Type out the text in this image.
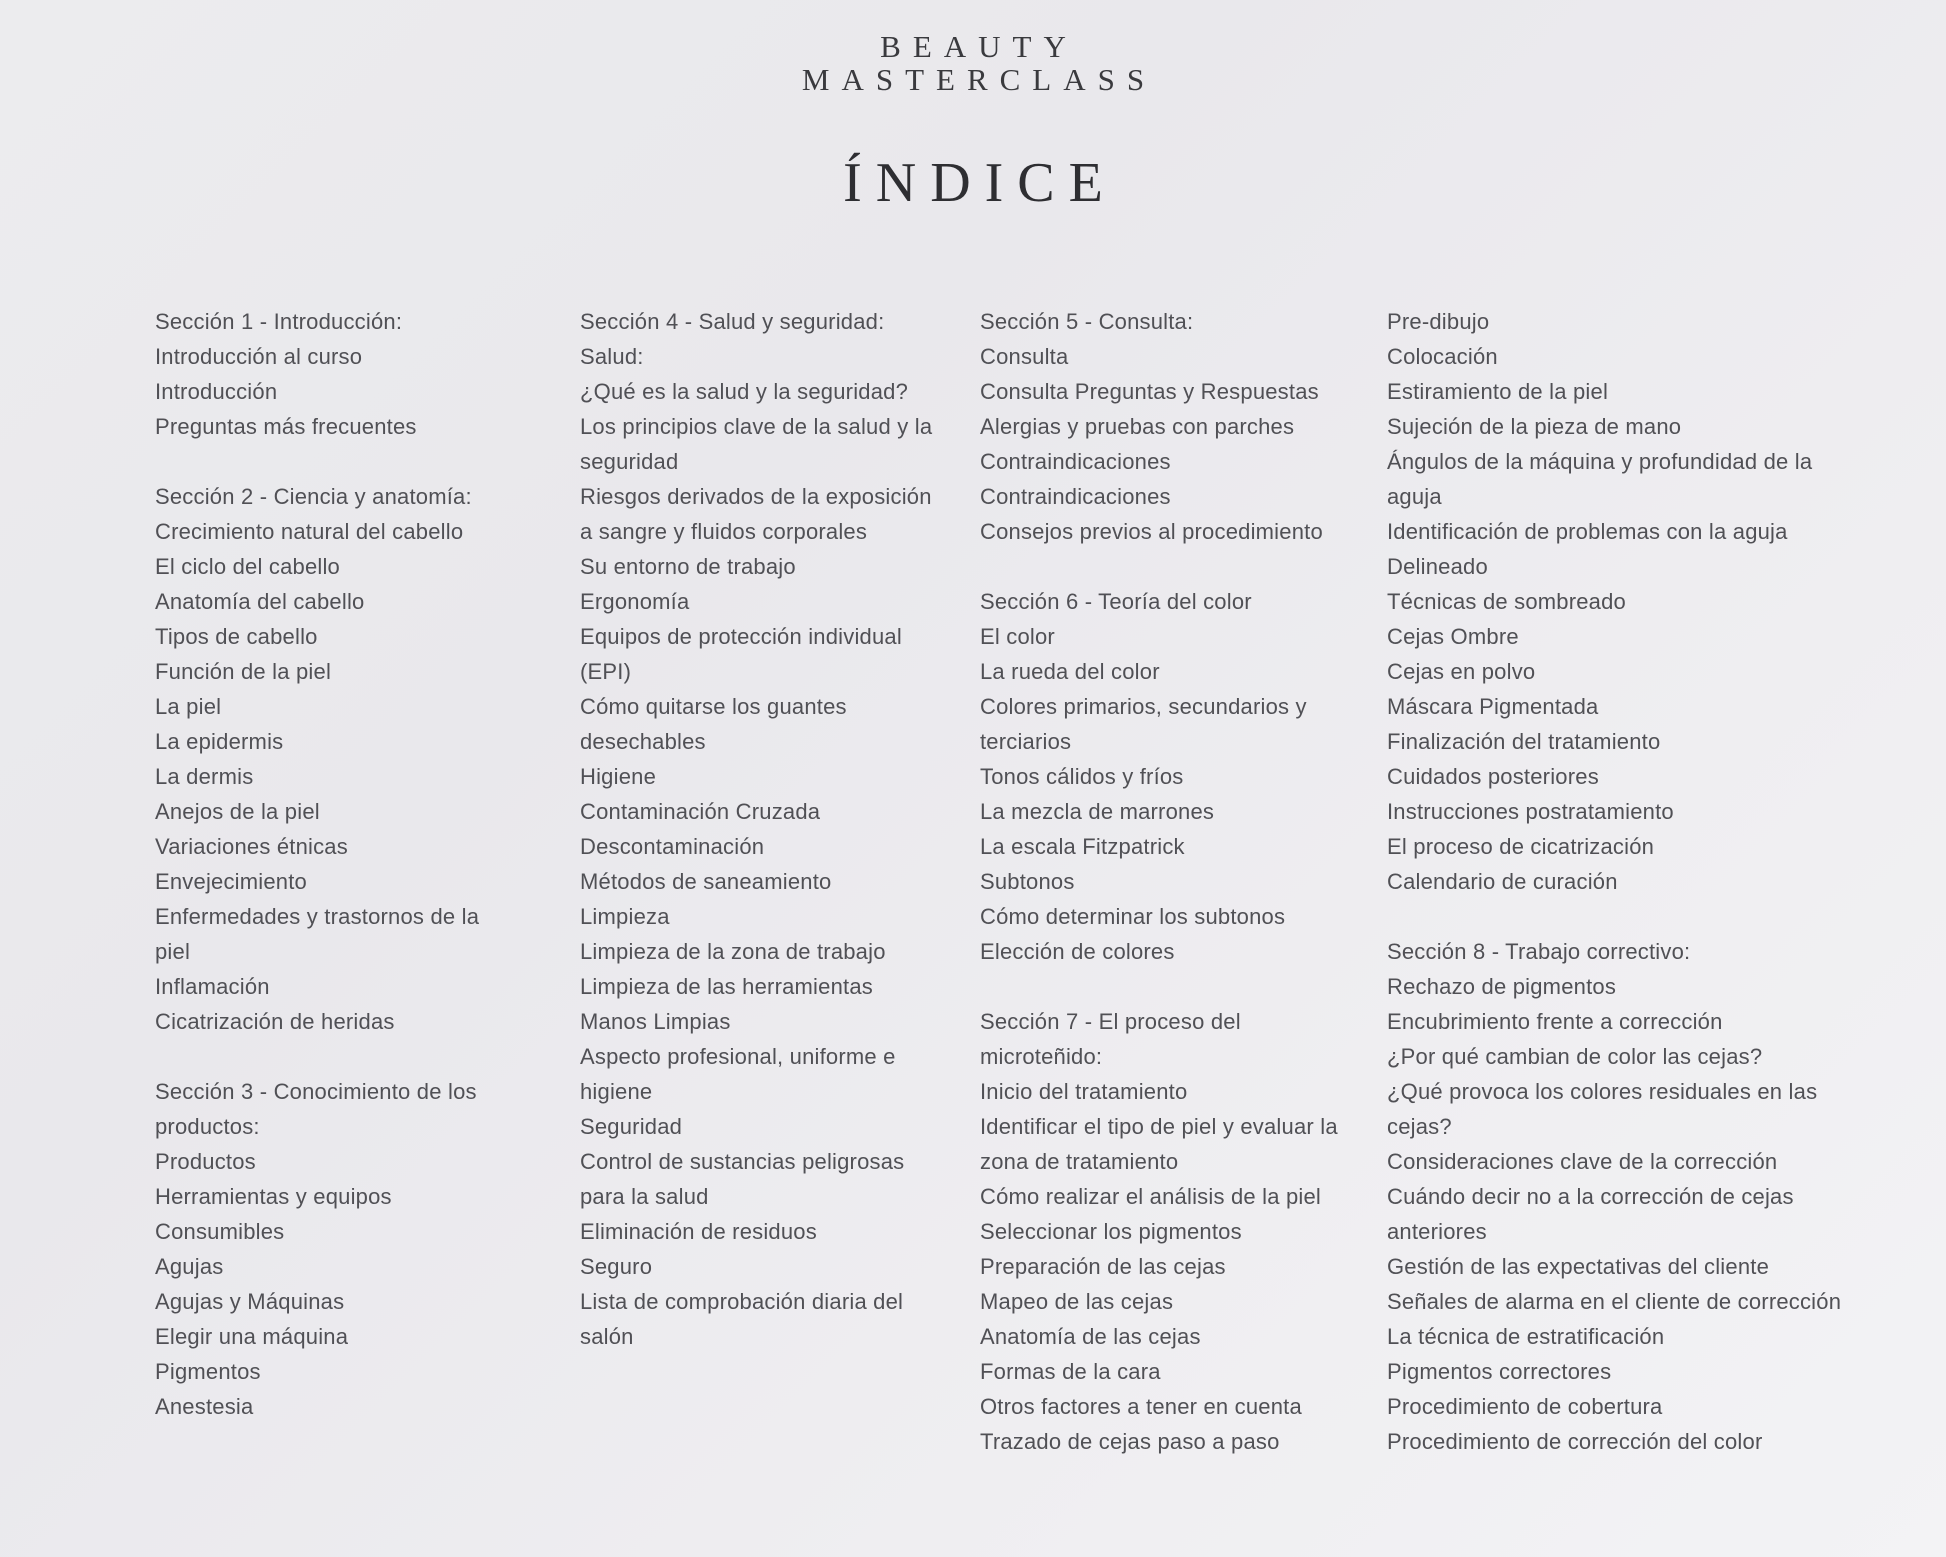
BEAUTY
MASTERCLASS
ÍNDICE

Sección 1 - Introducción:

Introducción al curso

Introducción

Preguntas más frecuentes

Sección 2 - Ciencia y anatomía:

Crecimiento natural del cabello

El ciclo del cabello

Anatomía del cabello

Tipos de cabello

Función de la piel

La piel

La epidermis

La dermis

Anejos de la piel

Variaciones étnicas

Envejecimiento

Enfermedades y trastornos de la piel

Inflamación

Cicatrización de heridas

Sección 3 - Conocimiento de los productos:

Productos

Herramientas y equipos

Consumibles

Agujas

Agujas y Máquinas

Elegir una máquina

Pigmentos

Anestesia

Sección 4 - Salud y seguridad:

Salud:

¿Qué es la salud y la seguridad?

Los principios clave de la salud y la seguridad

Riesgos derivados de la exposición a sangre y fluidos corporales

Su entorno de trabajo

Ergonomía

Equipos de protección individual (EPI)

Cómo quitarse los guantes desechables

Higiene

Contaminación Cruzada

Descontaminación

Métodos de saneamiento

Limpieza

Limpieza de la zona de trabajo

Limpieza de las herramientas

Manos Limpias

Aspecto profesional, uniforme e higiene

Seguridad

Control de sustancias peligrosas para la salud

Eliminación de residuos

Seguro

Lista de comprobación diaria del salón

Sección 5 - Consulta:

Consulta

Consulta Preguntas y Respuestas

Alergias y pruebas con parches

Contraindicaciones

Contraindicaciones

Consejos previos al procedimiento

Sección 6 - Teoría del color

El color

La rueda del color

Colores primarios, secundarios y terciarios

Tonos cálidos y fríos

La mezcla de marrones

La escala Fitzpatrick

Subtonos

Cómo determinar los subtonos

Elección de colores

Sección 7 - El proceso del microteñido:

Inicio del tratamiento

Identificar el tipo de piel y evaluar la zona de tratamiento

Cómo realizar el análisis de la piel

Seleccionar los pigmentos

Preparación de las cejas

Mapeo de las cejas

Anatomía de las cejas

Formas de la cara

Otros factores a tener en cuenta

Trazado de cejas paso a paso

Pre-dibujo

Colocación

Estiramiento de la piel

Sujeción de la pieza de mano

Ángulos de la máquina y profundidad de la aguja

Identificación de problemas con la aguja

Delineado

Técnicas de sombreado

Cejas Ombre

Cejas en polvo

Máscara Pigmentada

Finalización del tratamiento

Cuidados posteriores

Instrucciones postratamiento

El proceso de cicatrización

Calendario de curación

Sección 8 - Trabajo correctivo:

Rechazo de pigmentos

Encubrimiento frente a corrección

¿Por qué cambian de color las cejas?

¿Qué provoca los colores residuales en las cejas?

Consideraciones clave de la corrección

Cuándo decir no a la corrección de cejas anteriores

Gestión de las expectativas del cliente

Señales de alarma en el cliente de corrección

La técnica de estratificación

Pigmentos correctores

Procedimiento de cobertura

Procedimiento de corrección del color
